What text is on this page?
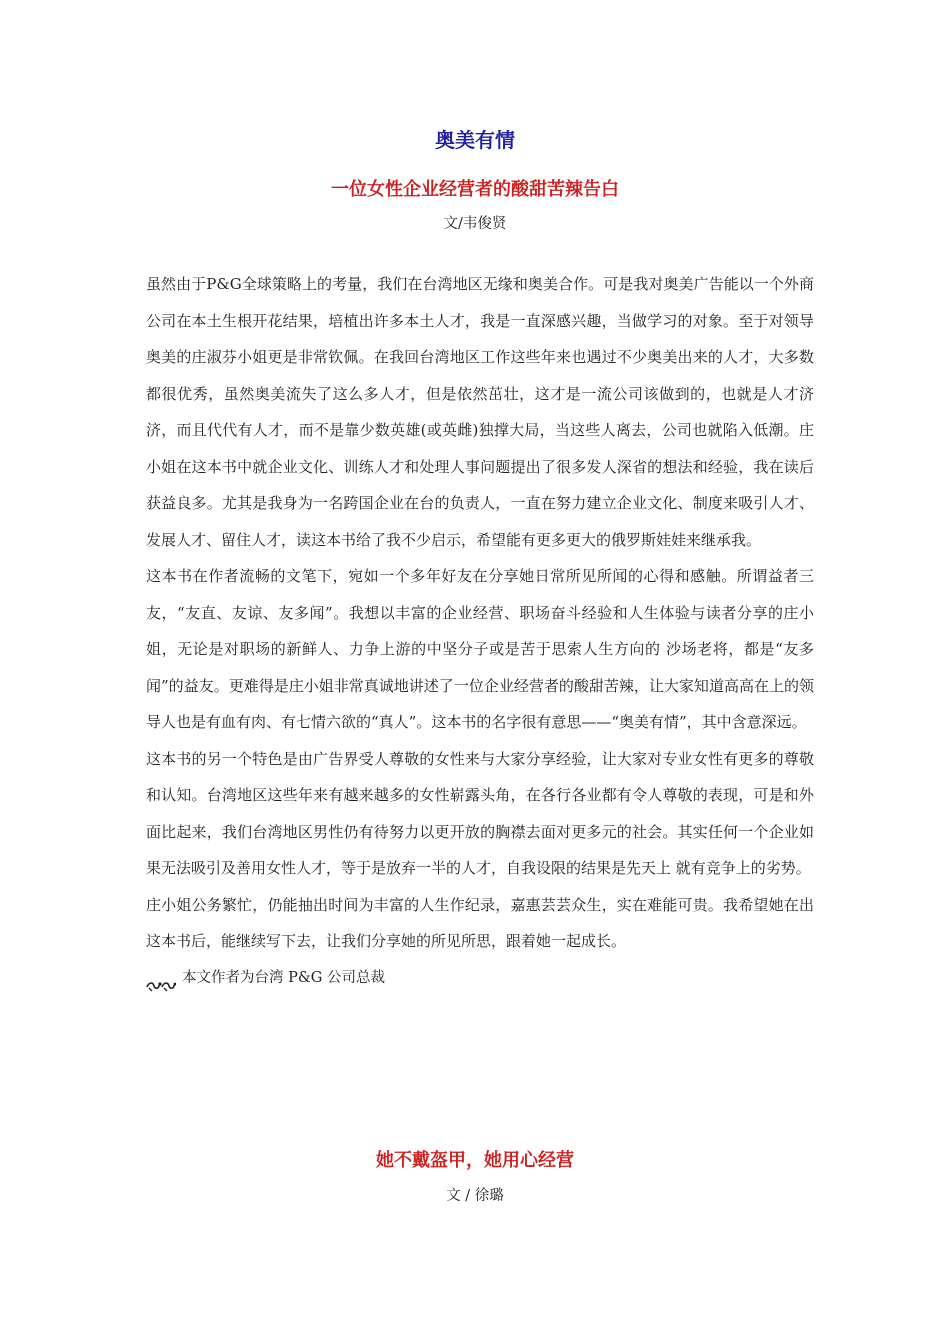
奥美有情
一位女性企业经营者的酸甜苦辣告白
文/韦俊贤

虽然由于P&G全球策略上的考量，我们在台湾地区无缘和奥美合作。可是我对奥美广告能以一个外商公司在本土生根开花结果，培植出许多本土人才，我是一直深感兴趣，当做学习的对象。至于对领导奥美的庄淑芬小姐更是非常钦佩。在我回台湾地区工作这些年来也遇过不少奥美出来的人才，大多数都很优秀，虽然奥美流失了这么多人才，但是依然茁壮，这才是一流公司该做到的，也就是人才济济，而且代代有人才，而不是靠少数英雄(或英雌)独撑大局，当这些人离去，公司也就陷入低潮。庄小姐在这本书中就企业文化、训练人才和处理人事问题提出了很多发人深省的想法和经验，我在读后获益良多。尤其是我身为一名跨国企业在台的负责人，一直在努力建立企业文化、制度来吸引人才、发展人才、留住人才，读这本书给了我不少启示，希望能有更多更大的俄罗斯娃娃来继承我。

这本书在作者流畅的文笔下，宛如一个多年好友在分享她日常所见所闻的心得和感触。所谓益者三友，“友直、友谅、友多闻”。我想以丰富的企业经营、职场奋斗经验和人生体验与读者分享的庄小姐，无论是对职场的新鲜人、力争上游的中坚分子或是苦于思索人生方向的 沙场老将，都是“友多闻”的益友。更难得是庄小姐非常真诚地讲述了一位企业经营者的酸甜苦辣，让大家知道高高在上的领导人也是有血有肉、有七情六欲的“真人”。这本书的名字很有意思——“奥美有情”，其中含意深远。

这本书的另一个特色是由广告界受人尊敬的女性来与大家分享经验，让大家对专业女性有更多的尊敬和认知。台湾地区这些年来有越来越多的女性崭露头角，在各行各业都有令人尊敬的表现，可是和外面比起来，我们台湾地区男性仍有待努力以更开放的胸襟去面对更多元的社会。其实任何一个企业如果无法吸引及善用女性人才，等于是放弃一半的人才，自我设限的结果是先天上 就有竞争上的劣势。

庄小姐公务繁忙，仍能抽出时间为丰富的人生作纪录，嘉惠芸芸众生，实在难能可贵。我希望她在出这本书后，能继续写下去，让我们分享她的所见所思，跟着她一起成长。

本文作者为台湾 P&G 公司总裁
她不戴盔甲，她用心经营
文 / 徐璐
